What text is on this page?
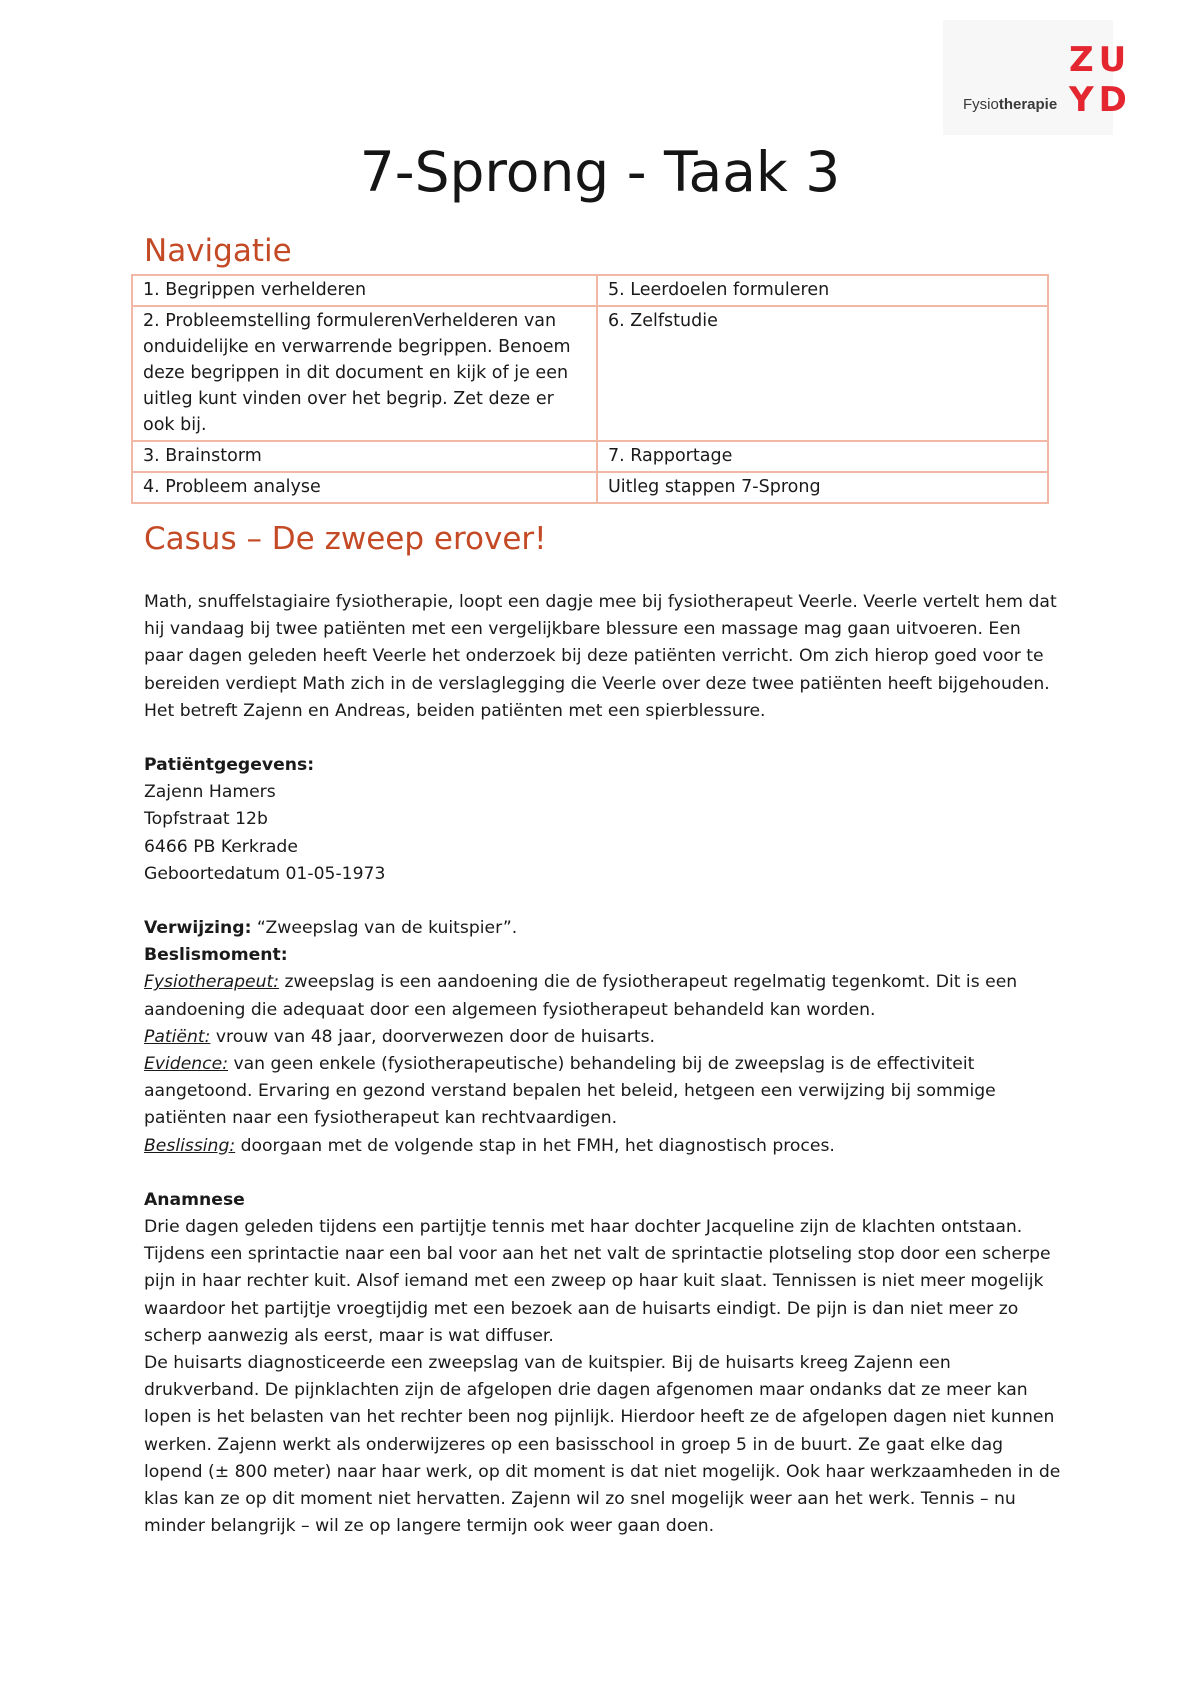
Fysiotherapie
ZU
YD
7-Sprong - Taak 3
Navigatie
1. Begrippen verhelderen	5. Leerdoelen formuleren
2. Probleemstelling formulerenVerhelderen van onduidelijke en verwarrende begrippen. Benoem deze begrippen in dit document en kijk of je een uitleg kunt vinden over het begrip. Zet deze er ook bij.	6. Zelfstudie
3. Brainstorm	7. Rapportage
4. Probleem analyse	Uitleg stappen 7-Sprong
Casus – De zweep erover!

Math, snuffelstagiaire fysiotherapie, loopt een dagje mee bij fysiotherapeut Veerle. Veerle vertelt hem dat hij vandaag bij twee patiënten met een vergelijkbare blessure een massage mag gaan uitvoeren. Een paar dagen geleden heeft Veerle het onderzoek bij deze patiënten verricht. Om zich hierop goed voor te bereiden verdiept Math zich in de verslaglegging die Veerle over deze twee patiënten heeft bijgehouden. Het betreft Zajenn en Andreas, beiden patiënten met een spierblessure.

Patiëntgegevens:

Zajenn Hamers

Topfstraat 12b

6466 PB Kerkrade

Geboortedatum 01-05-1973

Verwijzing: “Zweepslag van de kuitspier”.

Beslismoment:

Fysiotherapeut: zweepslag is een aandoening die de fysiotherapeut regelmatig tegenkomt. Dit is een aandoening die adequaat door een algemeen fysiotherapeut behandeld kan worden.

Patiënt: vrouw van 48 jaar, doorverwezen door de huisarts.

Evidence: van geen enkele (fysiotherapeutische) behandeling bij de zweepslag is de effectiviteit aangetoond. Ervaring en gezond verstand bepalen het beleid, hetgeen een verwijzing bij sommige patiënten naar een fysiotherapeut kan rechtvaardigen.

Beslissing: doorgaan met de volgende stap in het FMH, het diagnostisch proces.

Anamnese

Drie dagen geleden tijdens een partijtje tennis met haar dochter Jacqueline zijn de klachten ontstaan. Tijdens een sprintactie naar een bal voor aan het net valt de sprintactie plotseling stop door een scherpe pijn in haar rechter kuit. Alsof iemand met een zweep op haar kuit slaat. Tennissen is niet meer mogelijk waardoor het partijtje vroegtijdig met een bezoek aan de huisarts eindigt. De pijn is dan niet meer zo scherp aanwezig als eerst, maar is wat diffuser.

De huisarts diagnosticeerde een zweepslag van de kuitspier. Bij de huisarts kreeg Zajenn een drukverband. De pijnklachten zijn de afgelopen drie dagen afgenomen maar ondanks dat ze meer kan lopen is het belasten van het rechter been nog pijnlijk. Hierdoor heeft ze de afgelopen dagen niet kunnen werken. Zajenn werkt als onderwijzeres op een basisschool in groep 5 in de buurt. Ze gaat elke dag lopend (± 800 meter) naar haar werk, op dit moment is dat niet mogelijk. Ook haar werkzaamheden in de klas kan ze op dit moment niet hervatten. Zajenn wil zo snel mogelijk weer aan het werk. Tennis – nu minder belangrijk – wil ze op langere termijn ook weer gaan doen.
